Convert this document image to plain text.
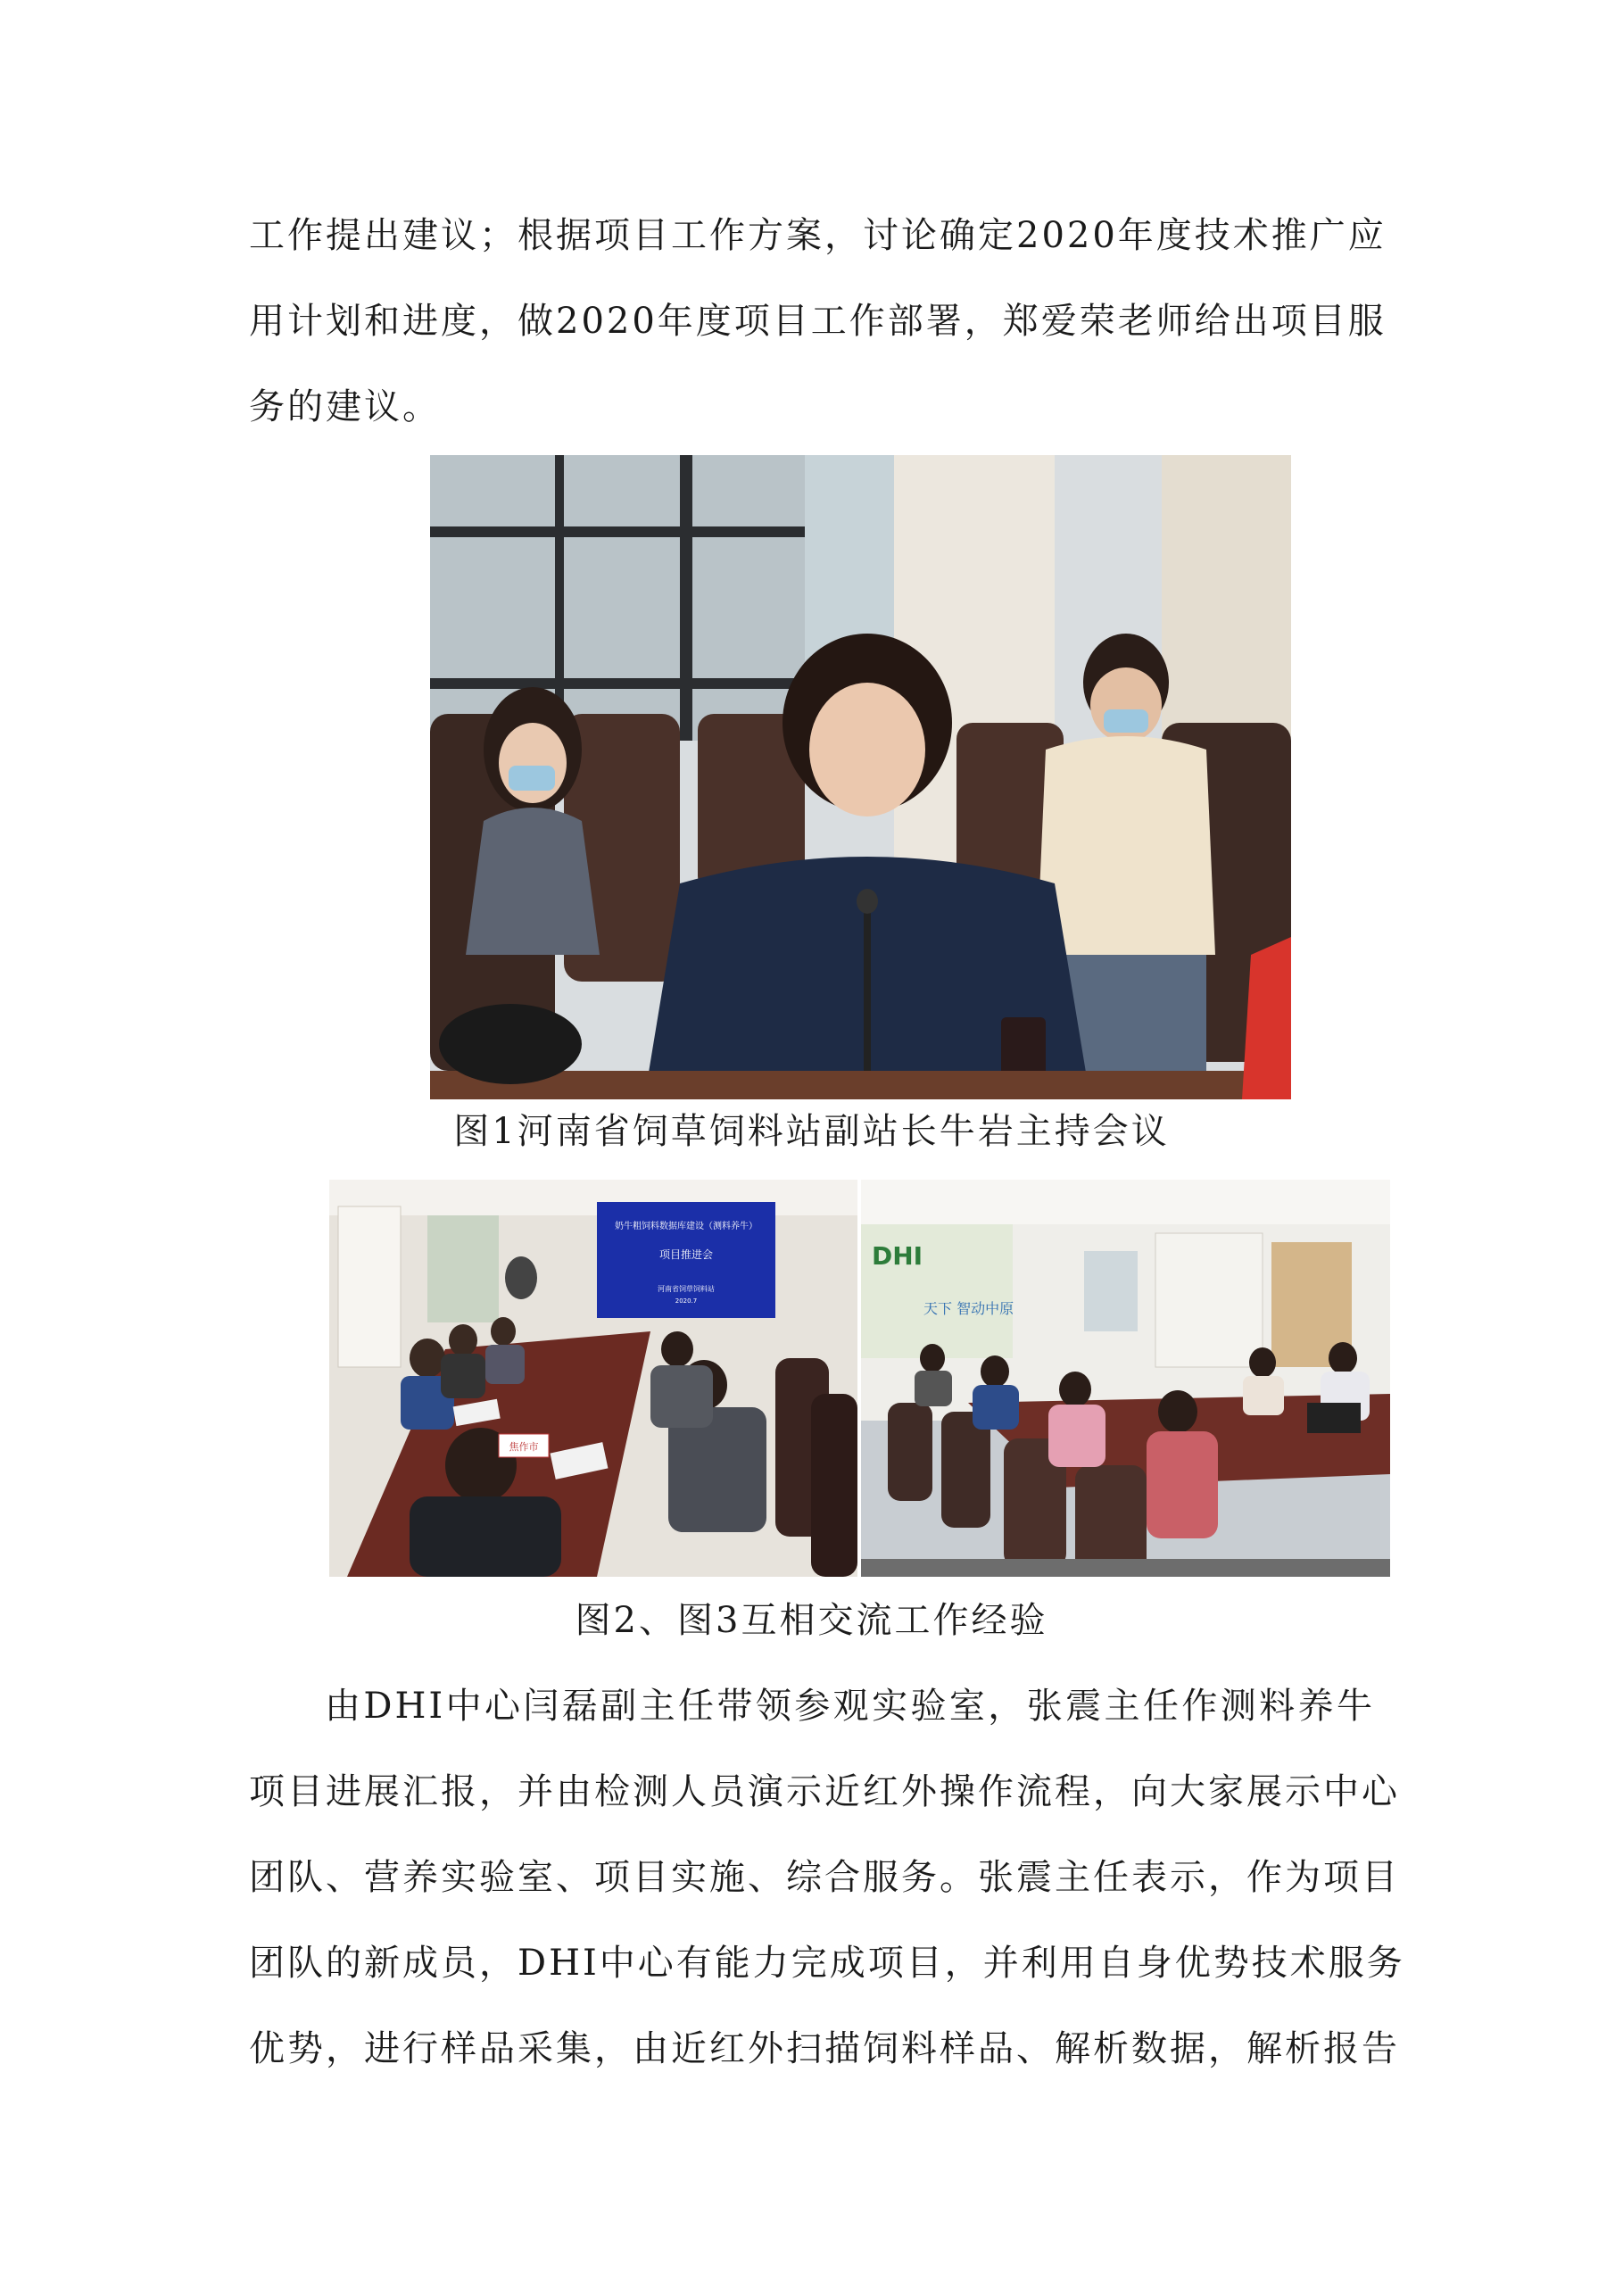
工作提出建议；根据项目工作方案，讨论确定2020年度技术推广应
用计划和进度，做2020年度项目工作部署，郑爱荣老师给出项目服
务的建议。
图1河南省饲草饲料站副站长牛岩主持会议
奶牛粗饲料数据库建设（测料养牛）
项目推进会
河南省饲草饲料站
2020.7
焦作市
DHI
天下 智动中原
图2、图3互相交流工作经验
由DHI中心闫磊副主任带领参观实验室，张震主任作测料养牛
项目进展汇报，并由检测人员演示近红外操作流程，向大家展示中心
团队、营养实验室、项目实施、综合服务。张震主任表示，作为项目
团队的新成员，DHI中心有能力完成项目，并利用自身优势技术服务
优势，进行样品采集，由近红外扫描饲料样品、解析数据，解析报告
